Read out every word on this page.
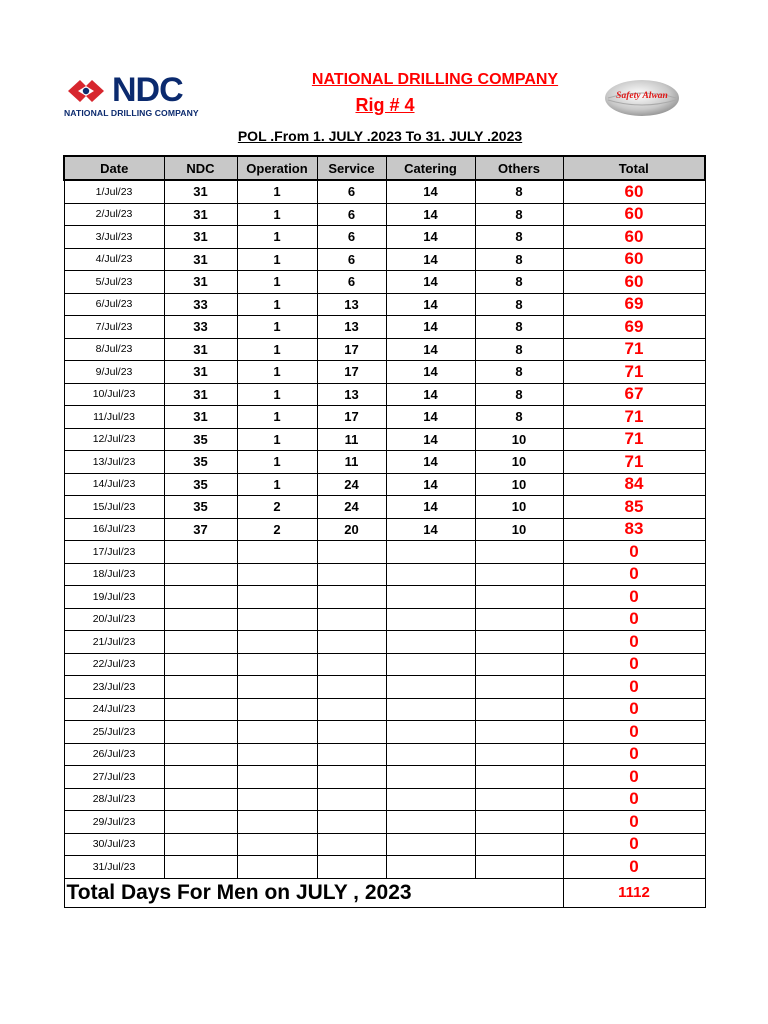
NDC
NATIONAL DRILLING COMPANY
NATIONAL DRILLING COMPANY
Rig # 4	Safety Alwan
POL .From 1. JULY .2023 To 31. JULY .2023
Date	NDC	Operation	Service	Catering	Others	Total
1/Jul/23	31	1	6	14	8	60
2/Jul/23	31	1	6	14	8	60
3/Jul/23	31	1	6	14	8	60
4/Jul/23	31	1	6	14	8	60
5/Jul/23	31	1	6	14	8	60
6/Jul/23	33	1	13	14	8	69
7/Jul/23	33	1	13	14	8	69
8/Jul/23	31	1	17	14	8	71
9/Jul/23	31	1	17	14	8	71
10/Jul/23	31	1	13	14	8	67
11/Jul/23	31	1	17	14	8	71
12/Jul/23	35	1	11	14	10	71
13/Jul/23	35	1	11	14	10	71
14/Jul/23	35	1	24	14	10	84
15/Jul/23	35	2	24	14	10	85
16/Jul/23	37	2	20	14	10	83
17/Jul/23						0
18/Jul/23						0
19/Jul/23						0
20/Jul/23						0
21/Jul/23						0
22/Jul/23						0
23/Jul/23						0
24/Jul/23						0
25/Jul/23						0
26/Jul/23						0
27/Jul/23						0
28/Jul/23						0
29/Jul/23						0
30/Jul/23						0
31/Jul/23						0
Total Days For Men on JULY , 2023						1112
